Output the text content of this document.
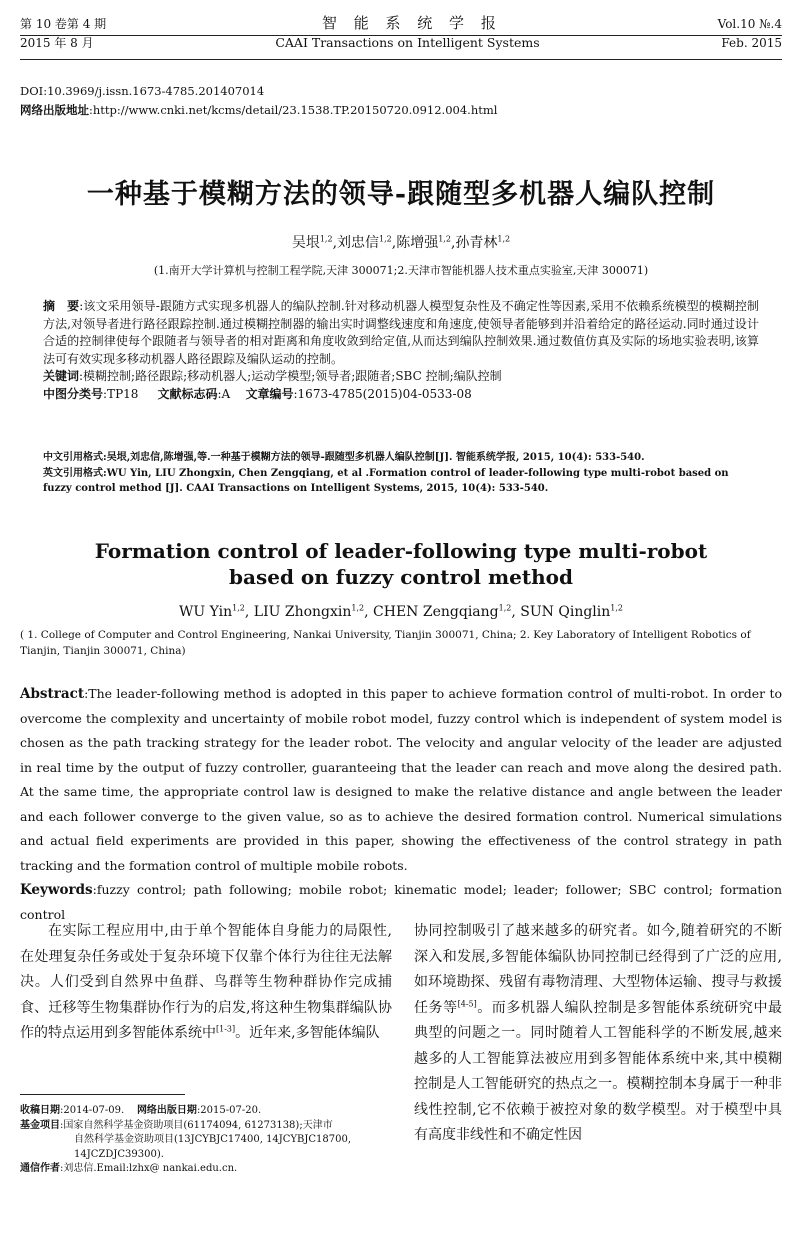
第 10 卷第 4 期	智 能 系 统 学 报	Vol.10 №.4
2015 年 8 月	CAAI Transactions on Intelligent Systems	Feb. 2015
DOI:10.3969/j.issn.1673-4785.201407014
网络出版地址:http://www.cnki.net/kcms/detail/23.1538.TP.20150720.0912.004.html
一种基于模糊方法的领导-跟随型多机器人编队控制
吴垠$^{1,2}$,刘忠信$^{1,2}$,陈增强$^{1,2}$,孙青林$^{1,2}$
(1.南开大学计算机与控制工程学院,天津 300071;2.天津市智能机器人技术重点实验室,天津 300071)
摘　要:该文采用领导-跟随方式实现多机器人的编队控制.针对移动机器人模型复杂性及不确定性等因素,采用不依赖系统模型的模糊控制方法,对领导者进行路径跟踪控制.通过模糊控制器的输出实时调整线速度和角速度,使领导者能够到并沿着给定的路径运动.同时通过设计合适的控制律使每个跟随者与领导者的相对距离和角度收敛到给定值,从而达到编队控制效果.通过数值仿真及实际的场地实验表明,该算法可有效实现多移动机器人路径跟踪及编队运动的控制。
关键词:模糊控制;路径跟踪;移动机器人;运动学模型;领导者;跟随者;SBC 控制;编队控制
中图分类号:TP18 文献标志码:A 文章编号:1673-4785(2015)04-0533-08
中文引用格式:吴垠,刘忠信,陈增强,等.一种基于模糊方法的领导-跟随型多机器人编队控制[J]. 智能系统学报, 2015, 10(4): 533-540.
英文引用格式:WU Yin, LIU Zhongxin, Chen Zengqiang, et al .Formation control of leader-following type multi-robot based on fuzzy control method [J]. CAAI Transactions on Intelligent Systems, 2015, 10(4): 533-540.
Formation control of leader-following type multi-robot
based on fuzzy control method
WU Yin$^{1,2}$, LIU Zhongxin$^{1,2}$, CHEN Zengqiang$^{1,2}$, SUN Qinglin$^{1,2}$
( 1. College of Computer and Control Engineering, Nankai University, Tianjin 300071, China; 2. Key Laboratory of Intelligent Robotics of Tianjin, Tianjin 300071, China)
Abstract:The leader-following method is adopted in this paper to achieve formation control of multi-robot. In order to overcome the complexity and uncertainty of mobile robot model, fuzzy control which is independent of system model is chosen as the path tracking strategy for the leader robot. The velocity and angular velocity of the leader are adjusted in real time by the output of fuzzy controller, guaranteeing that the leader can reach and move along the desired path. At the same time, the appropriate control law is designed to make the relative distance and angle between the leader and each follower converge to the given value, so as to achieve the desired formation control. Numerical simulations and actual field experiments are provided in this paper, showing the effectiveness of the control strategy in path tracking and the formation control of multiple mobile robots.
Keywords:fuzzy control; path following; mobile robot; kinematic model; leader; follower; SBC control; formation control
在实际工程应用中,由于单个智能体自身能力的局限性,在处理复杂任务或处于复杂环境下仅靠个体行为往往无法解决。人们受到自然界中鱼群、鸟群等生物种群协作完成捕食、迁移等生物集群协作行为的启发,将这种生物集群编队协作的特点运用到多智能体系统中[1-3]。近年来,多智能体编队
收稿日期:2014-07-09. 网络出版日期:2015-07-20.
基金项目:国家自然科学基金资助项目(61174094, 61273138);天津市
自然科学基金资助项目(13JCYBJC17400, 14JCYBJC18700,
14JCZDJC39300).
通信作者:刘忠信.Email:lzhx@ nankai.edu.cn.
协同控制吸引了越来越多的研究者。如今,随着研究的不断深入和发展,多智能体编队协同控制已经得到了广泛的应用,如环境勘探、残留有毒物清理、大型物体运输、搜寻与救援任务等[4-5]。而多机器人编队控制是多智能体系统研究中最典型的问题之一。同时随着人工智能科学的不断发展,越来越多的人工智能算法被应用到多智能体系统中来,其中模糊控制是人工智能研究的热点之一。模糊控制本身属于一种非线性控制,它不依赖于被控对象的数学模型。对于模型中具有高度非线性和不确定性因
